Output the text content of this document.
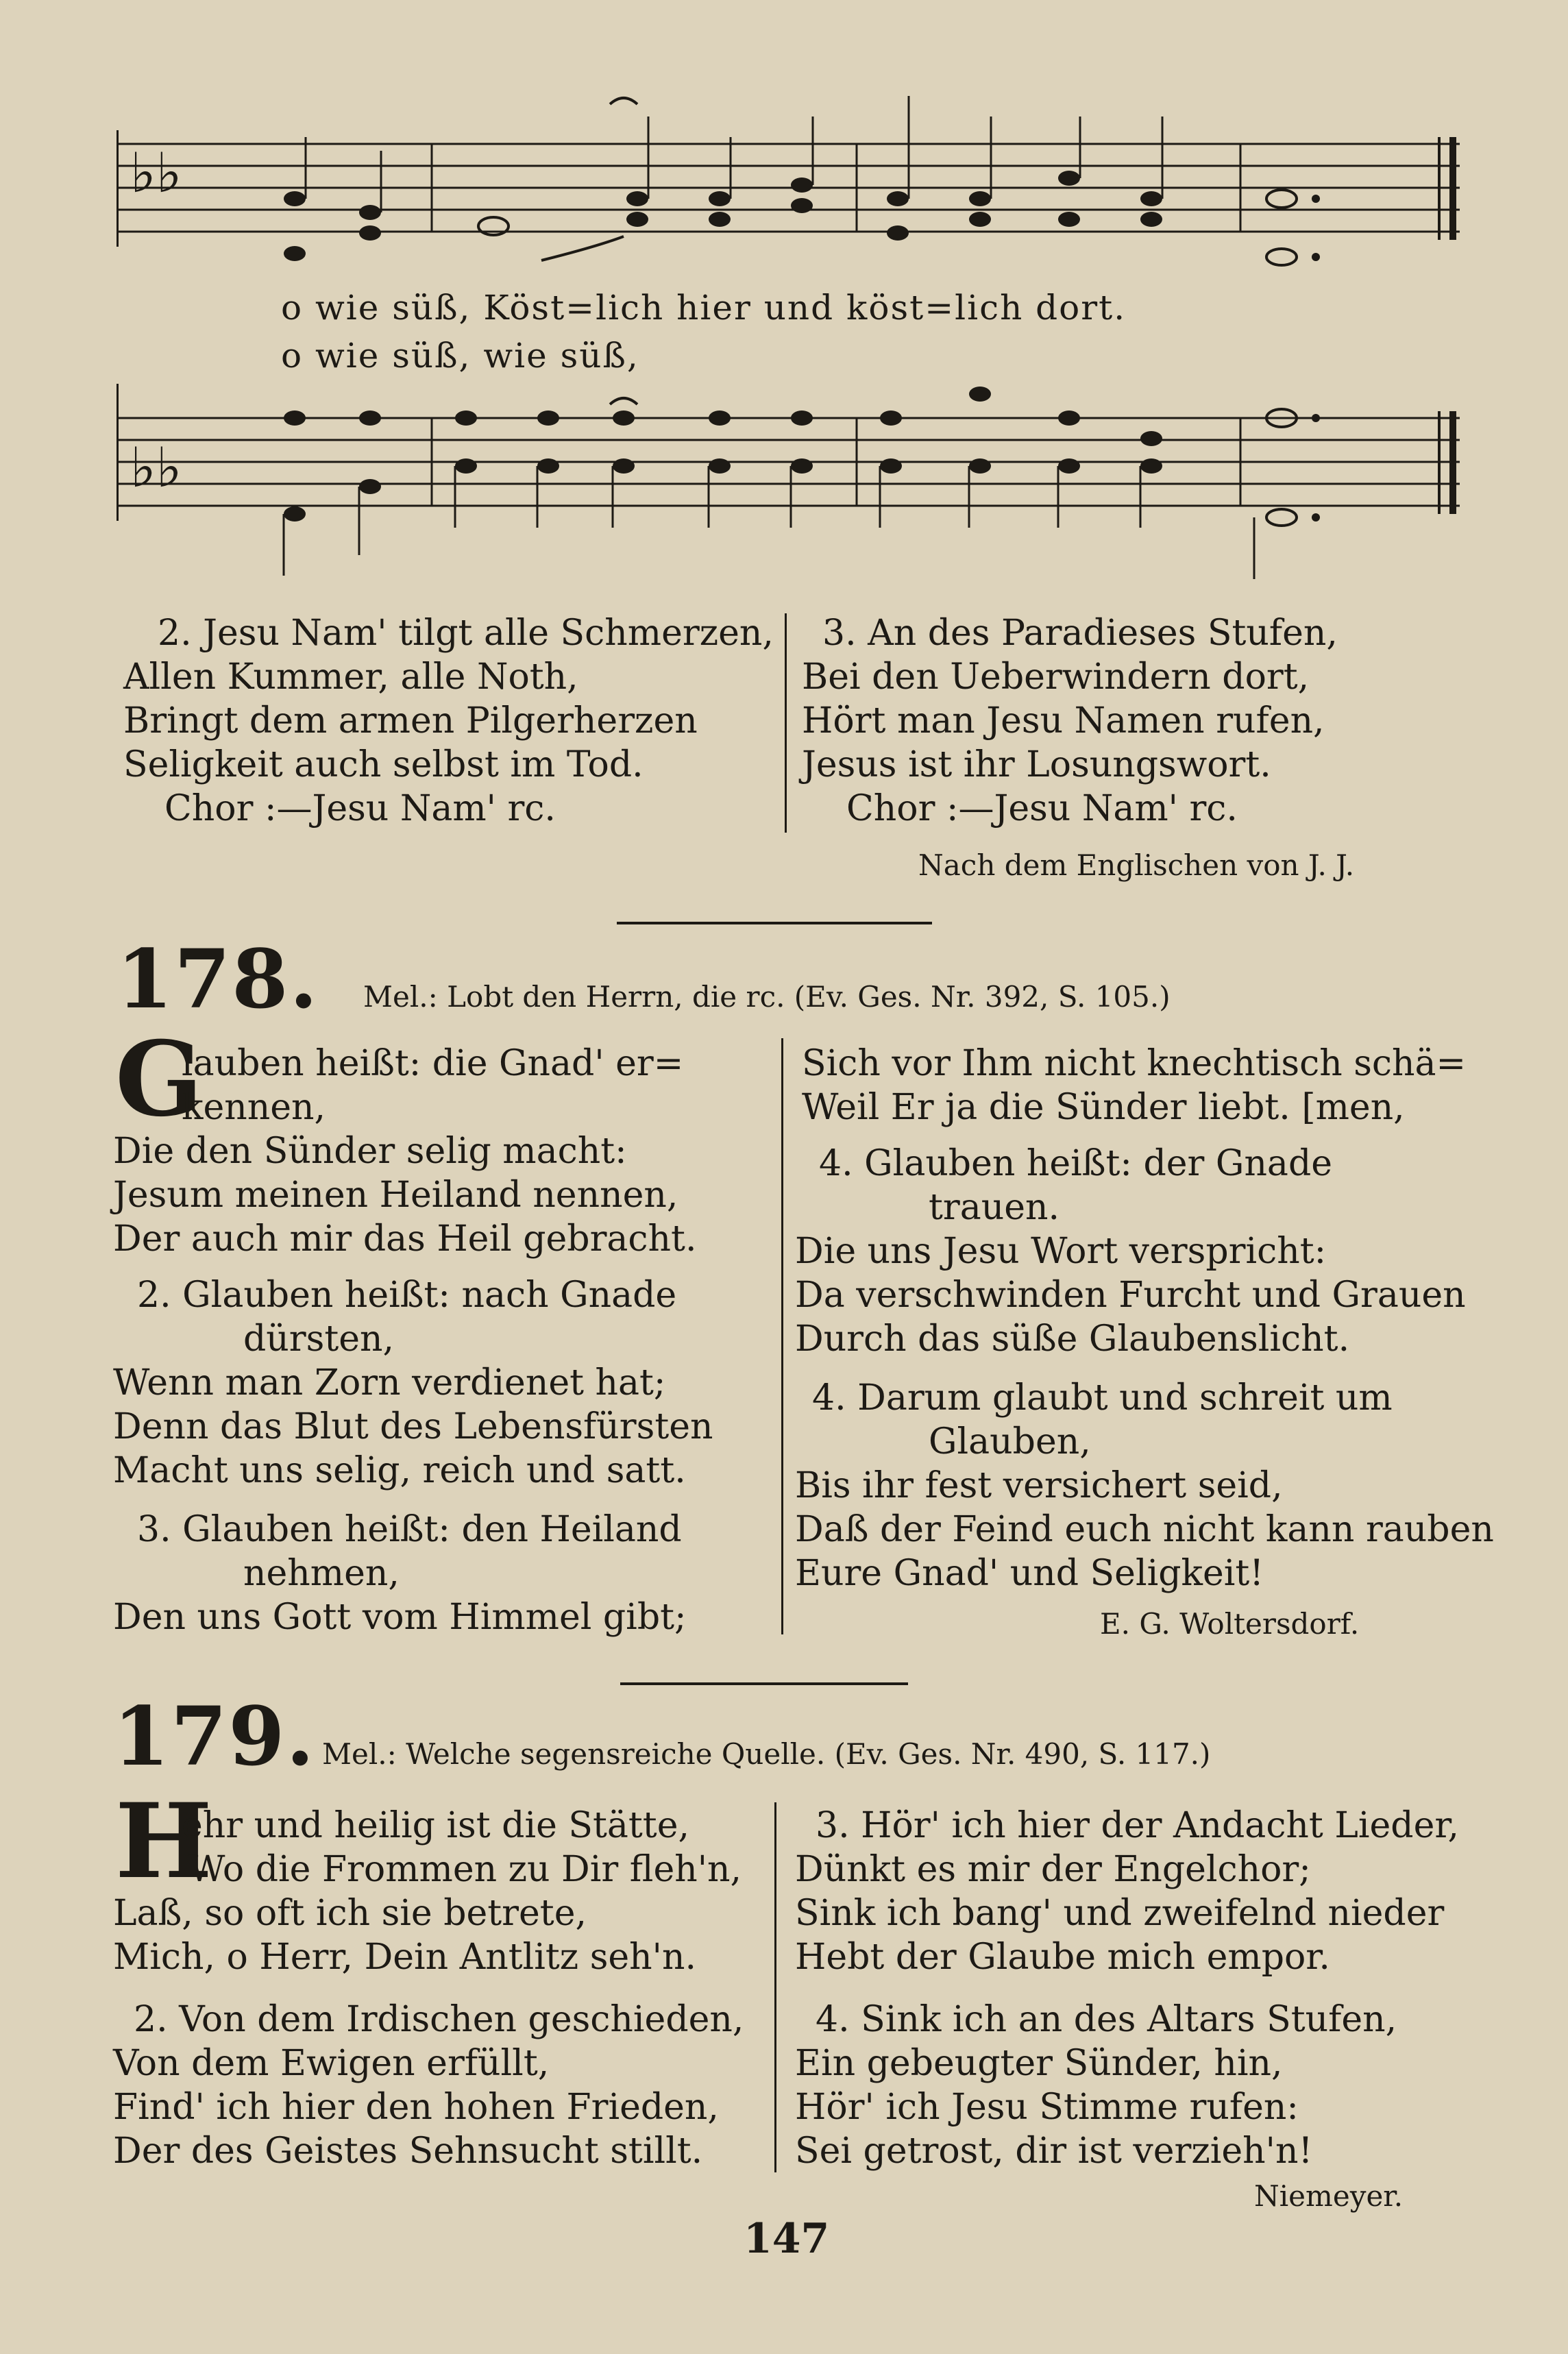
♭♭
o wie süß, Köst=lich hier und köst=lich dort.
o wie süß, wie süß,
♭♭
2. Jesu Nam' tilgt alle Schmerzen,
Allen Kummer, alle Noth,
Bringt dem armen Pilgerherzen
Seligkeit auch selbst im Tod.
Chor :—Jesu Nam' rc.
3. An des Paradieses Stufen,
Bei den Ueberwindern dort,
Hört man Jesu Namen rufen,
Jesus ist ihr Losungswort.
Chor :—Jesu Nam' rc.
Nach dem Englischen von J. J.
178. Mel.: Lobt den Herrn, die rc. (Ev. Ges. Nr. 392, S. 105.)
G
lauben heißt: die Gnad' er=
kennen,
Die den Sünder selig macht:
Jesum meinen Heiland nennen,
Der auch mir das Heil gebracht.
2. Glauben heißt: nach Gnade
dürsten,
Wenn man Zorn verdienet hat;
Denn das Blut des Lebensfürsten
Macht uns selig, reich und satt.
3. Glauben heißt: den Heiland
nehmen,
Den uns Gott vom Himmel gibt;
Sich vor Ihm nicht knechtisch schä=
Weil Er ja die Sünder liebt. [men,
4. Glauben heißt: der Gnade
trauen.
Die uns Jesu Wort verspricht:
Da verschwinden Furcht und Grauen
Durch das süße Glaubenslicht.
4. Darum glaubt und schreit um
Glauben,
Bis ihr fest versichert seid,
Daß der Feind euch nicht kann rauben
Eure Gnad' und Seligkeit!
E. G. Woltersdorf.
179. Mel.: Welche segensreiche Quelle. (Ev. Ges. Nr. 490, S. 117.)
H
ehr und heilig ist die Stätte,
Wo die Frommen zu Dir fleh'n,
Laß, so oft ich sie betrete,
Mich, o Herr, Dein Antlitz seh'n.
2. Von dem Irdischen geschieden,
Von dem Ewigen erfüllt,
Find' ich hier den hohen Frieden,
Der des Geistes Sehnsucht stillt.
3. Hör' ich hier der Andacht Lieder,
Dünkt es mir der Engelchor;
Sink ich bang' und zweifelnd nieder
Hebt der Glaube mich empor.
4. Sink ich an des Altars Stufen,
Ein gebeugter Sünder, hin,
Hör' ich Jesu Stimme rufen:
Sei getrost, dir ist verzieh'n!
Niemeyer.
147
